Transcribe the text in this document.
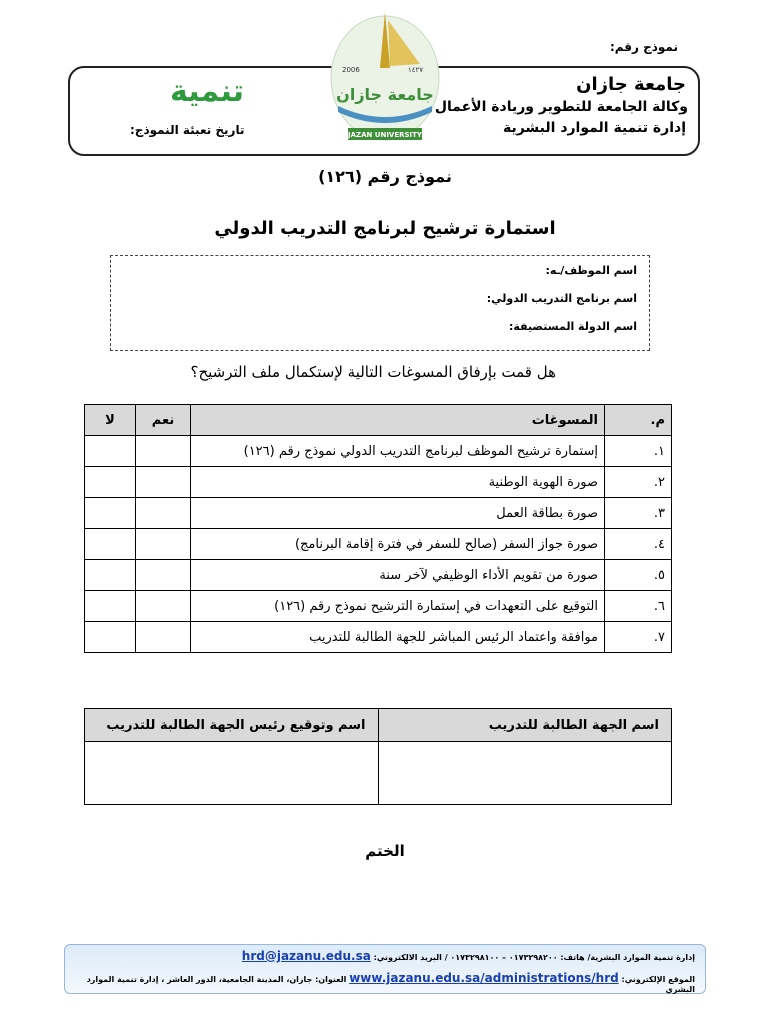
نموذج رقم:
جامعة جازان
وكالة الجامعة للتطوير وريادة الأعمال
إدارة تنمية الموارد البشرية
تاريخ تعبئة النموذج:
تنمية
2006	١٤٢٧
جامعة جازان
JAZAN UNIVERSITY
نموذج رقم (١٢٦)
استمارة ترشيح لبرنامج التدريب الدولي
اسم الموظف/ـه:
اسم برنامج التدريب الدولي:
اسم الدولة المستضيفة:
هل قمت بإرفاق المسوغات التالية لإستكمال ملف الترشيح؟
م.	المسوغات	نعم	لا
١.	إستمارة ترشيح الموظف لبرنامج التدريب الدولي نموذج رقم (١٢٦)		
٢.	صورة الهوية الوطنية		
٣.	صورة بطاقة العمل		
٤.	صورة جواز السفر (صالح للسفر في فترة إقامة البرنامج)		
٥.	صورة من تقويم الأداء الوظيفي لآخر سنة		
٦.	التوقيع على التعهدات في إستمارة الترشيح نموذج رقم (١٢٦)		
٧.	موافقة واعتماد الرئيس المباشر للجهة الطالبة للتدريب		
اسم الجهة الطالبة للتدريب	اسم وتوقيع رئيس الجهة الطالبة للتدريب

الختم
إدارة تنمية الموارد البشرية/ هاتف: ٠١٧٣٢٩٨٢٠٠ – ٠١٧٣٢٩٨١٠٠ / البريد الالكتروني: hrd@jazanu.edu.sa
الموقع الإلكتروني: www.jazanu.edu.sa/administrations/hrd العنوان: جازان، المدينة الجامعية، الدور العاشر ، إدارة تنمية الموارد البشري
